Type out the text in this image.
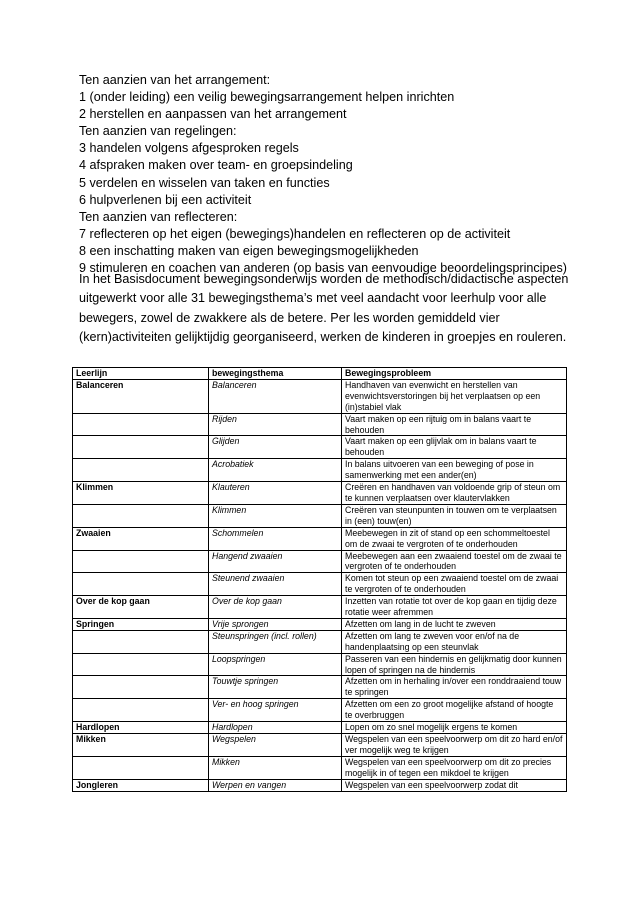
Ten aanzien van het arrangement:
1 (onder leiding) een veilig bewegingsarrangement helpen inrichten
2 herstellen en aanpassen van het arrangement
Ten aanzien van regelingen:
3 handelen volgens afgesproken regels
4 afspraken maken over team- en groepsindeling
5 verdelen en wisselen van taken en functies
6 hulpverlenen bij een activiteit
Ten aanzien van reflecteren:
7 reflecteren op het eigen (bewegings)handelen en reflecteren op de activiteit
8 een inschatting maken van eigen bewegingsmogelijkheden
9 stimuleren en coachen van anderen (op basis van eenvoudige beoordelingsprincipes)

In het Basisdocument bewegingsonderwijs worden de methodisch/didactische aspecten uitgewerkt voor alle 31 bewegingsthema’s met veel aandacht voor leerhulp voor alle bewegers, zowel de zwakkere als de betere. Per les worden gemiddeld vier (kern)activiteiten gelijktijdig georganiseerd, werken de kinderen in groepjes en rouleren.

Leerlijn	bewegingsthema	Bewegingsprobleem
Balanceren	Balanceren	Handhaven van evenwicht en herstellen van evenwichtsverstoringen bij het verplaatsen op een (in)stabiel vlak
	Rijden	Vaart maken op een rijtuig om in balans vaart te behouden
	Glijden	Vaart maken op een glijvlak om in balans vaart te behouden
	Acrobatiek	In balans uitvoeren van een beweging of pose in samenwerking met een ander(en)
Klimmen	Klauteren	Creëren en handhaven van voldoende grip of steun om te kunnen verplaatsen over klautervlakken
	Klimmen	Creëren van steunpunten in touwen om te verplaatsen in (een) touw(en)
Zwaaien	Schommelen	Meebewegen in zit of stand op een schommeltoestel om de zwaai te vergroten of te onderhouden
	Hangend zwaaien	Meebewegen aan een zwaaiend toestel om de zwaai te vergroten of te onderhouden
	Steunend zwaaien	Komen tot steun op een zwaaiend toestel om de zwaai te vergroten of te onderhouden
Over de kop gaan	Over de kop gaan	Inzetten van rotatie tot over de kop gaan en tijdig deze rotatie weer afremmen
Springen	Vrije sprongen	Afzetten om lang in de lucht te zweven
	Steunspringen (incl. rollen)	Afzetten om lang te zweven voor en/of na de handenplaatsing op een steunvlak
	Loopspringen	Passeren van een hindernis en gelijkmatig door kunnen lopen of springen na de hindernis
	Touwtje springen	Afzetten om in herhaling in/over een ronddraaiend touw te springen
	Ver- en hoog springen	Afzetten om een zo groot mogelijke afstand of hoogte te overbruggen
Hardlopen	Hardlopen	Lopen om zo snel mogelijk ergens te komen
Mikken	Wegspelen	Wegspelen van een speelvoorwerp om dit zo hard en/of ver mogelijk weg te krijgen
	Mikken	Wegspelen van een speelvoorwerp om dit zo precies mogelijk in of tegen een mikdoel te krijgen
Jongleren	Werpen en vangen	Wegspelen van een speelvoorwerp zodat dit
